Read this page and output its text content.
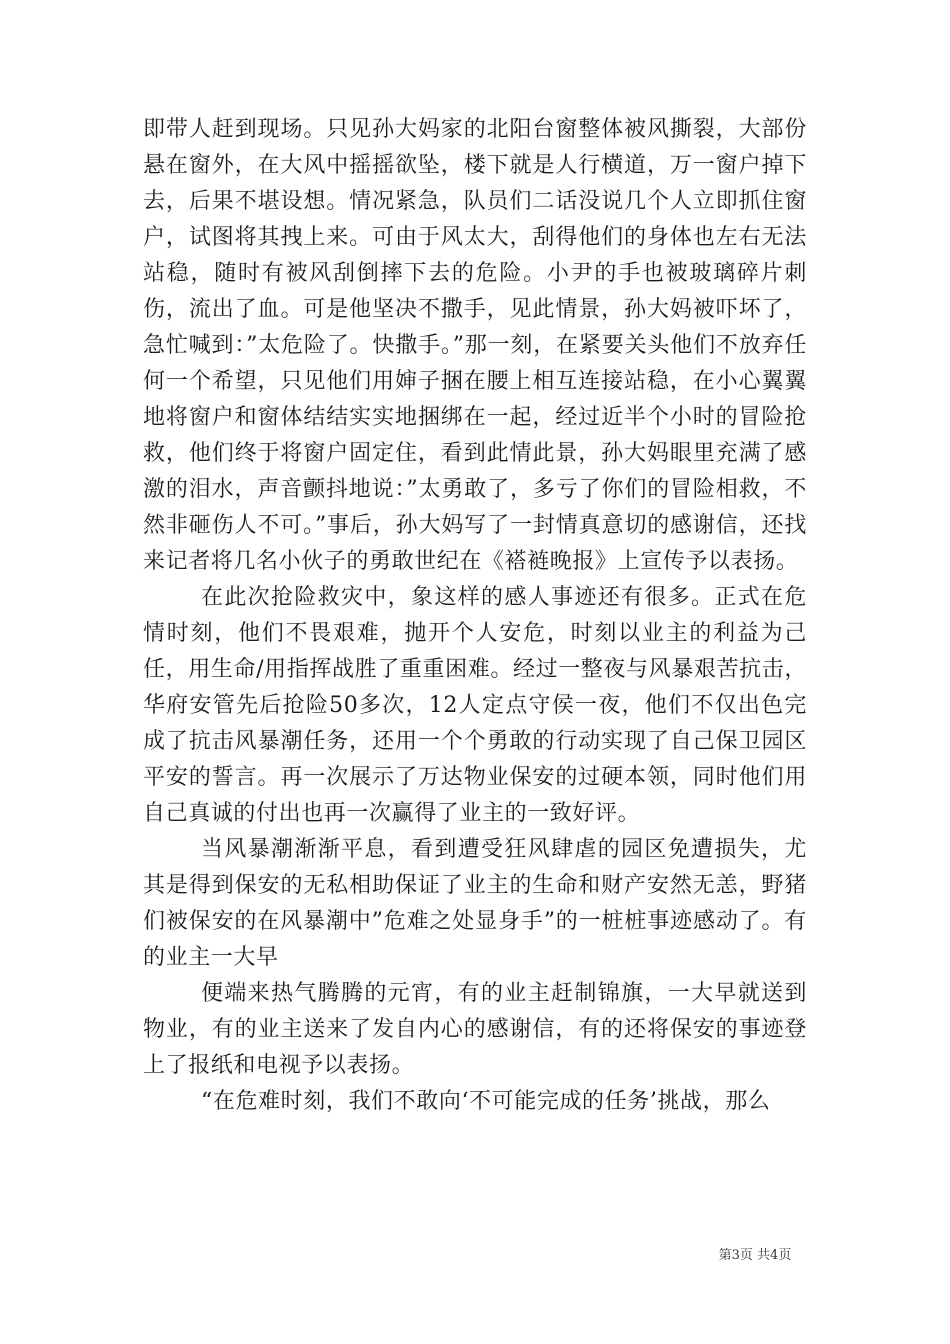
即带人赶到现场。只见孙大妈家的北阳台窗整体被风撕裂，大部份悬在窗外，在大风中摇摇欲坠，楼下就是人行横道，万一窗户掉下去，后果不堪设想。情况紧急，队员们二话没说几个人立即抓住窗户，试图将其拽上来。可由于风太大，刮得他们的身体也左右无法站稳，随时有被风刮倒摔下去的危险。小尹的手也被玻璃碎片刺伤，流出了血。可是他坚决不撒手，见此情景，孙大妈被吓坏了，急忙喊到：”太危险了。快撒手。”那一刻，在紧要关头他们不放弃任何一个希望，只见他们用婶子捆在腰上相互连接站稳，在小心翼翼地将窗户和窗体结结实实地捆绑在一起，经过近半个小时的冒险抢救，他们终于将窗户固定住，看到此情此景，孙大妈眼里充满了感激的泪水，声音颤抖地说：”太勇敢了，多亏了你们的冒险相救，不然非砸伤人不可。”事后，孙大妈写了一封情真意切的感谢信，还找来记者将几名小伙子的勇敢世纪在《褡裢晚报》上宣传予以表扬。

在此次抢险救灾中，象这样的感人事迹还有很多。正式在危情时刻，他们不畏艰难，抛开个人安危，时刻以业主的利益为己任，用生命/用指挥战胜了重重困难。经过一整夜与风暴艰苦抗击，华府安管先后抢险50多次，12人定点守侯一夜，他们不仅出色完成了抗击风暴潮任务，还用一个个勇敢的行动实现了自己保卫园区平安的誓言。再一次展示了万达物业保安的过硬本领，同时他们用自己真诚的付出也再一次赢得了业主的一致好评。

当风暴潮渐渐平息，看到遭受狂风肆虐的园区免遭损失，尤其是得到保安的无私相助保证了业主的生命和财产安然无恙，野猪们被保安的在风暴潮中”危难之处显身手”的一桩桩事迹感动了。有的业主一大早

便端来热气腾腾的元宵，有的业主赶制锦旗，一大早就送到物业，有的业主送来了发自内心的感谢信，有的还将保安的事迹登上了报纸和电视予以表扬。

“在危难时刻，我们不敢向‘不可能完成的任务’挑战，那么

第3页 共4页
